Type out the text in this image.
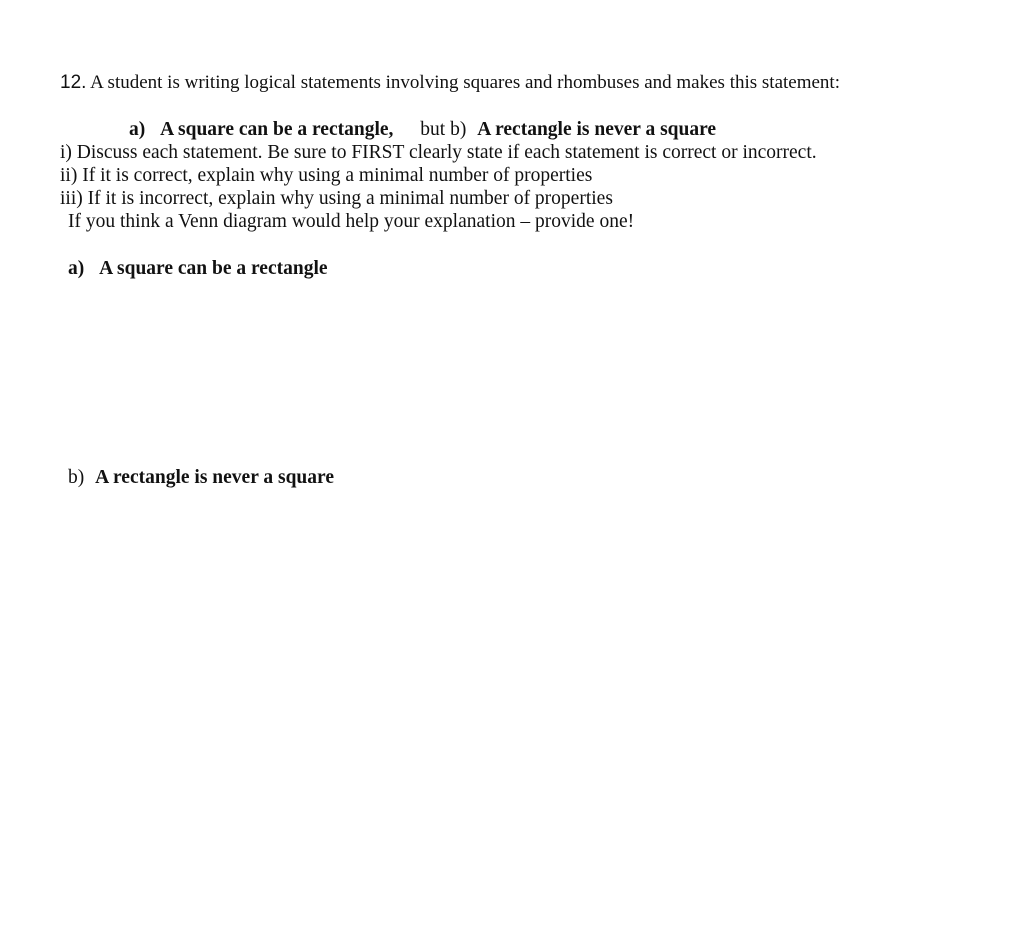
12. A student is writing logical statements involving squares and rhombuses and makes this statement:
a) A square can be a rectangle, but b) A rectangle is never a square
i) Discuss each statement. Be sure to FIRST clearly state if each statement is correct or incorrect.
ii) If it is correct, explain why using a minimal number of properties
iii) If it is incorrect, explain why using a minimal number of properties
If you think a Venn diagram would help your explanation – provide one!
a) A square can be a rectangle
b) A rectangle is never a square
